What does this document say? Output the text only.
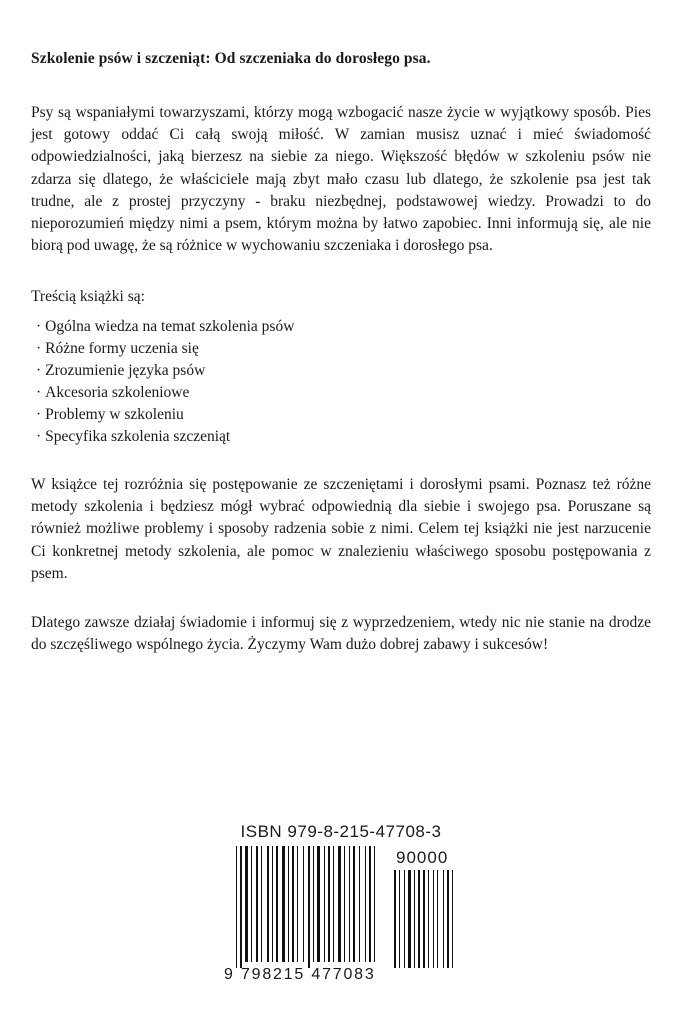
Szkolenie psów i szczeniąt: Od szczeniaka do dorosłego psa.

Psy są wspaniałymi towarzyszami, którzy mogą wzbogacić nasze życie w wyjątkowy sposób. Pies jest gotowy oddać Ci całą swoją miłość. W zamian musisz uznać i mieć świadomość odpowiedzialności, jaką bierzesz na siebie za niego. Większość błędów w szkoleniu psów nie zdarza się dlatego, że właściciele mają zbyt mało czasu lub dlatego, że szkolenie psa jest tak trudne, ale z prostej przyczyny - braku niezbędnej, podstawowej wiedzy. Prowadzi to do nieporozumień między nimi a psem, którym można by łatwo zapobiec. Inni informują się, ale nie biorą pod uwagę, że są różnice w wychowaniu szczeniaka i dorosłego psa.

Treścią książki są:

· Ogólna wiedza na temat szkolenia psów
· Różne formy uczenia się
· Zrozumienie języka psów
· Akcesoria szkoleniowe
· Problemy w szkoleniu
· Specyfika szkolenia szczeniąt

W książce tej rozróżnia się postępowanie ze szczeniętami i dorosłymi psami. Poznasz też różne metody szkolenia i będziesz mógł wybrać odpowiednią dla siebie i swojego psa. Poruszane są również możliwe problemy i sposoby radzenia sobie z nimi. Celem tej książki nie jest narzucenie Ci konkretnej metody szkolenia, ale pomoc w znalezieniu właściwego sposobu postępowania z psem.

Dlatego zawsze działaj świadomie i informuj się z wyprzedzeniem, wtedy nic nie stanie na drodze do szczęśliwego wspólnego życia. Życzymy Wam dużo dobrej zabawy i sukcesów!

ISBN 979-8-215-47708-3
90000
9 798215 477083
